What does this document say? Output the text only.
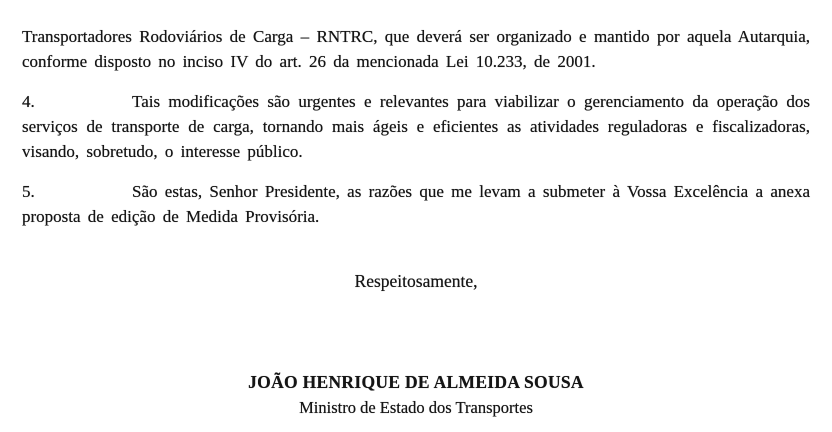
Transportadores Rodoviários de Carga – RNTRC, que deverá ser organizado e mantido por aquela Autarquia, conforme disposto no inciso IV do art. 26 da mencionada Lei 10.233, de 2001.

4.	Tais modificações são urgentes e relevantes para viabilizar o gerenciamento da operação dos serviços de transporte de carga, tornando mais ágeis e eficientes as atividades reguladoras e fiscalizadoras, visando, sobretudo, o interesse público.

5.	São estas, Senhor Presidente, as razões que me levam a submeter à Vossa Excelência a anexa proposta de edição de Medida Provisória.

Respeitosamente,

JOÃO HENRIQUE DE ALMEIDA SOUSA
Ministro de Estado dos Transportes
